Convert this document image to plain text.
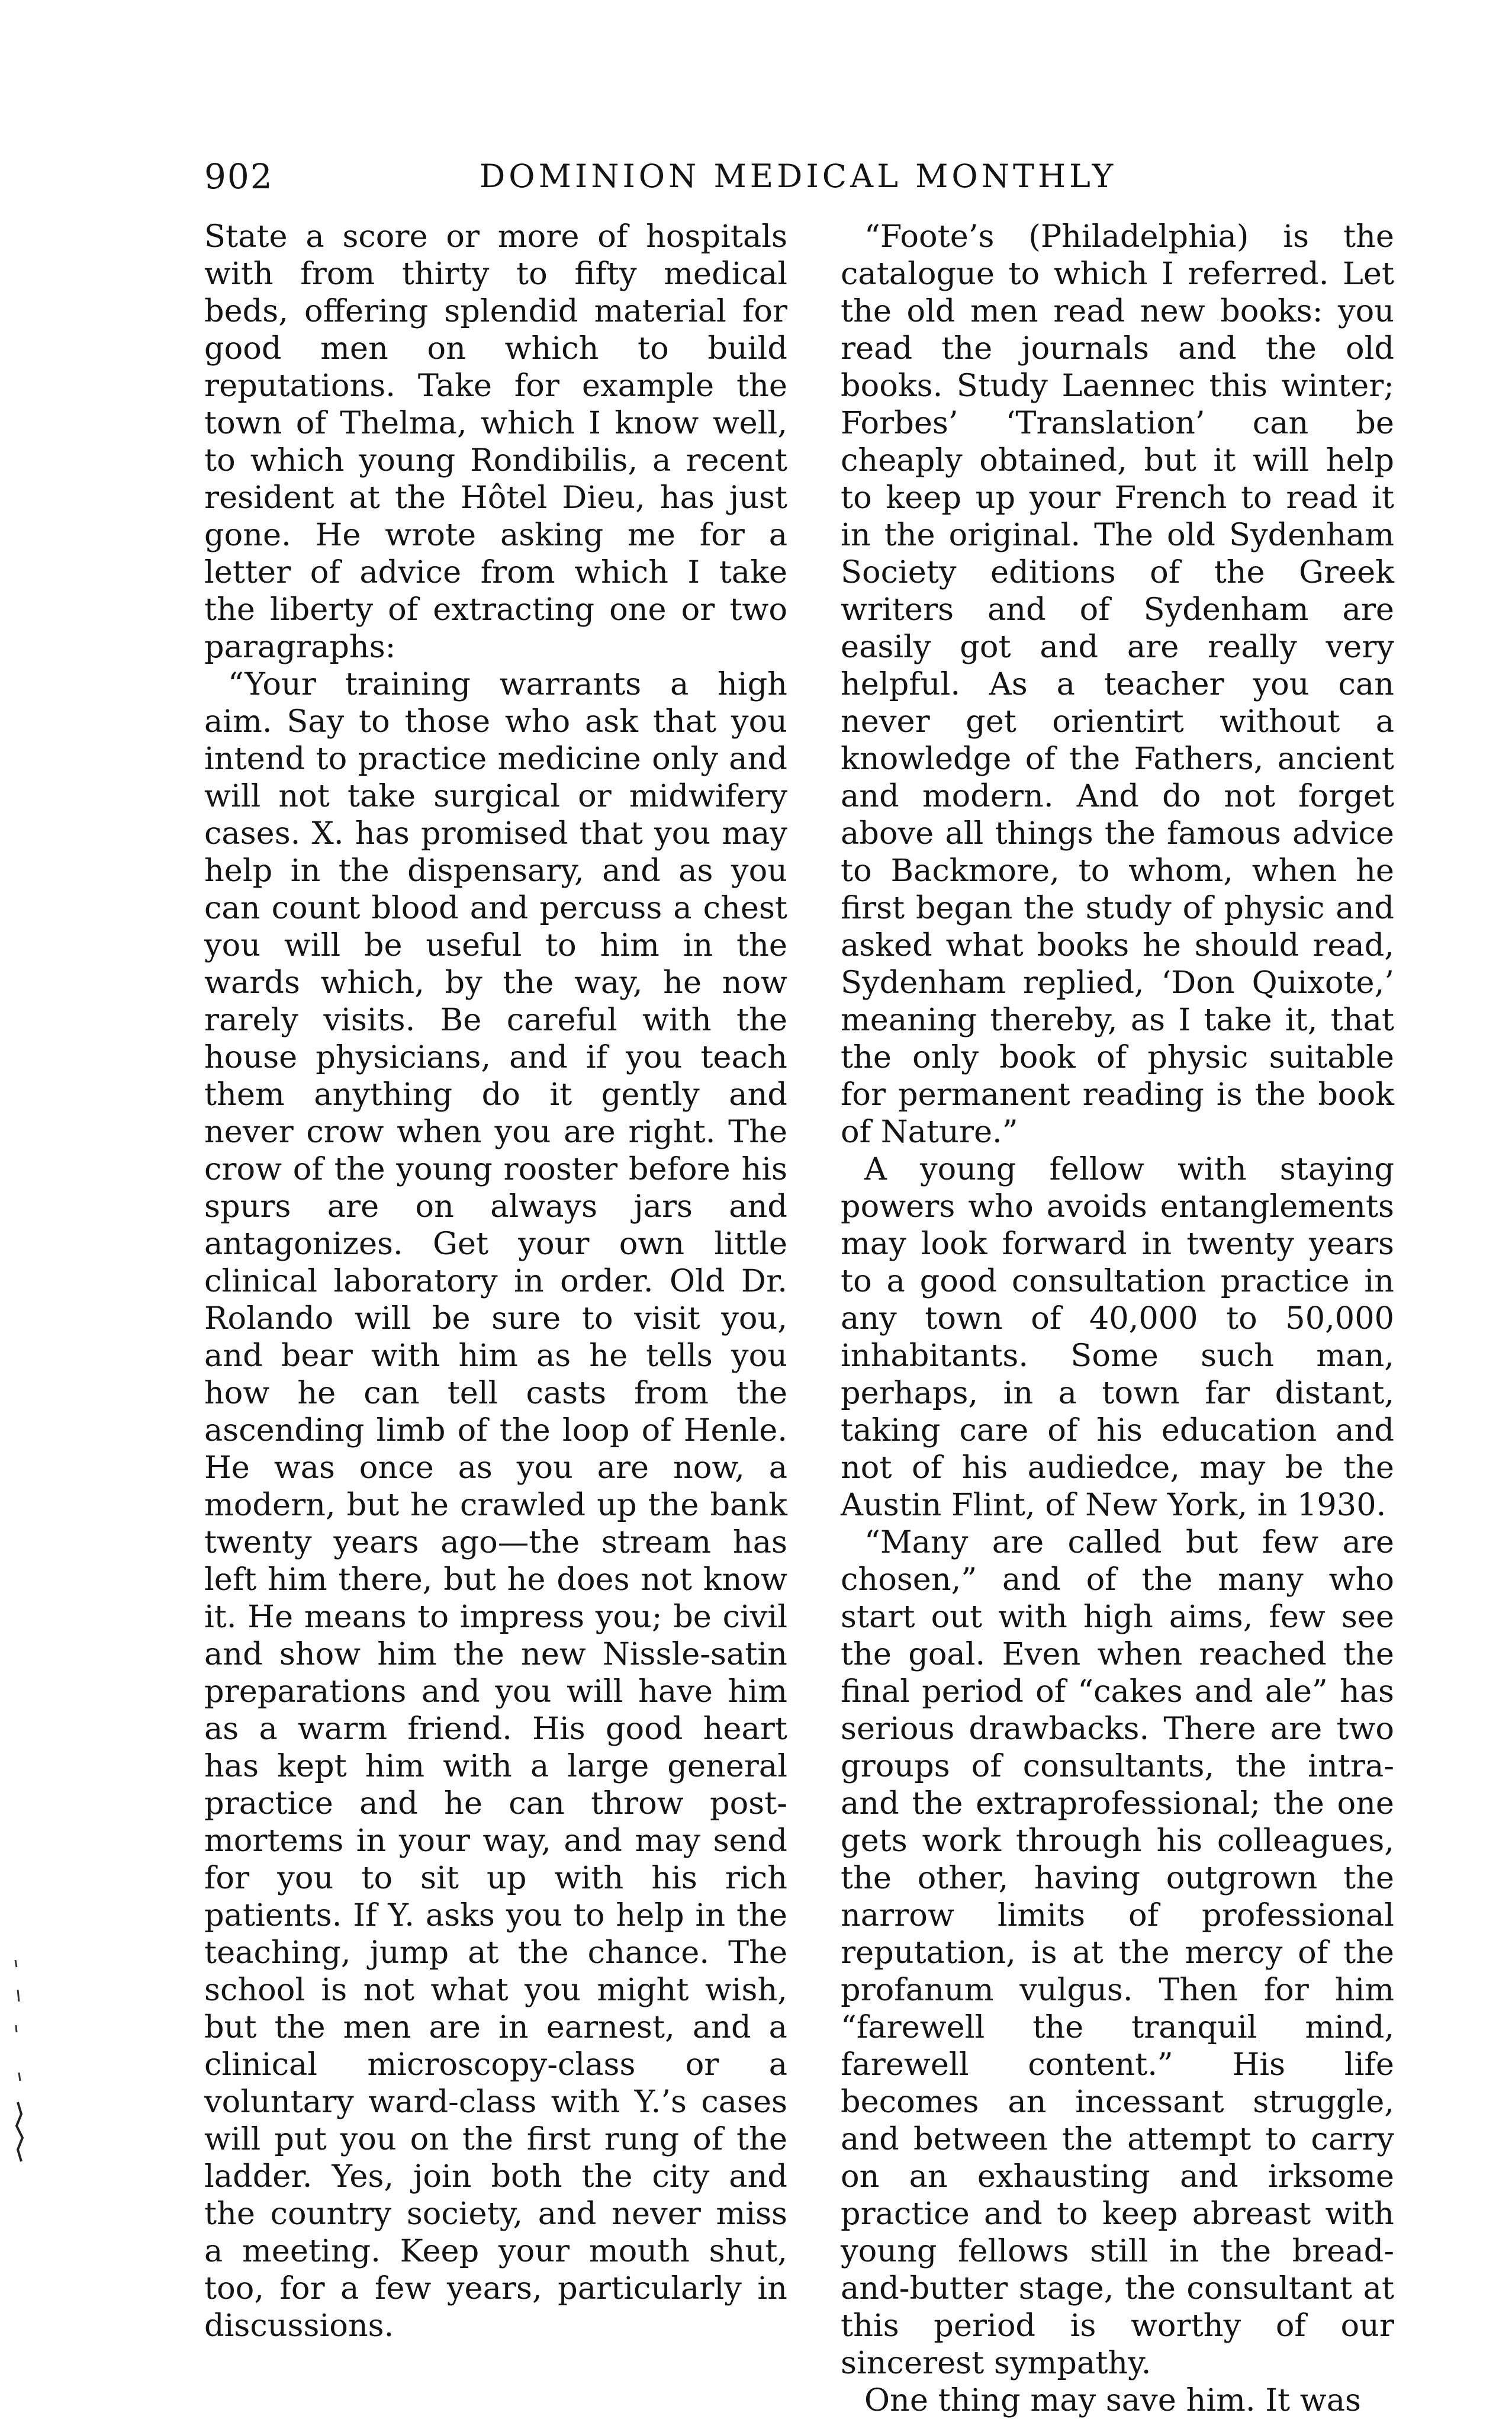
902	DOMINION MEDICAL MONTHLY

State a score or more of hospitals with from thirty to fifty medical beds, offering splendid material for good men on which to build reputations. Take for example the town of Thelma, which I know well, to which young Rondibilis, a recent resident at the Hôtel Dieu, has just gone. He wrote asking me for a letter of advice from which I take the liberty of extracting one or two paragraphs:

“Your training warrants a high aim. Say to those who ask that you intend to practice medicine only and will not take surgical or midwifery cases. X. has promised that you may help in the dispensary, and as you can count blood and percuss a chest you will be useful to him in the wards which, by the way, he now rarely visits. Be careful with the house physicians, and if you teach them anything do it gently and never crow when you are right. The crow of the young rooster before his spurs are on always jars and antagonizes. Get your own little clinical laboratory in order. Old Dr. Rolando will be sure to visit you, and bear with him as he tells you how he can tell casts from the ascending limb of the loop of Henle. He was once as you are now, a modern, but he crawled up the bank twenty years ago—the stream has left him there, but he does not know it. He means to impress you; be civil and show him the new Nissle-satin preparations and you will have him as a warm friend. His good heart has kept him with a large general practice and he can throw post-mortems in your way, and may send for you to sit up with his rich patients. If Y. asks you to help in the teaching, jump at the chance. The school is not what you might wish, but the men are in earnest, and a clinical microscopy-class or a voluntary ward-class with Y.’s cases will put you on the first rung of the ladder. Yes, join both the city and the country society, and never miss a meeting. Keep your mouth shut, too, for a few years, particularly in discussions.

“Foote’s (Philadelphia) is the catalogue to which I referred. Let the old men read new books: you read the journals and the old books. Study Laennec this winter; Forbes’ ‘Translation’ can be cheaply obtained, but it will help to keep up your French to read it in the original. The old Sydenham Society editions of the Greek writers and of Sydenham are easily got and are really very helpful. As a teacher you can never get orientirt without a knowledge of the Fathers, ancient and modern. And do not forget above all things the famous advice to Backmore, to whom, when he first began the study of physic and asked what books he should read, Sydenham replied, ‘Don Quixote,’ meaning thereby, as I take it, that the only book of physic suitable for permanent reading is the book of Nature.”

A young fellow with staying powers who avoids entanglements may look forward in twenty years to a good consultation practice in any town of 40,000 to 50,000 inhabitants. Some such man, perhaps, in a town far distant, taking care of his education and not of his audiedce, may be the Austin Flint, of New York, in 1930.

“Many are called but few are chosen,” and of the many who start out with high aims, few see the goal. Even when reached the final period of “cakes and ale” has serious drawbacks. There are two groups of consultants, the intra- and the extraprofessional; the one gets work through his colleagues, the other, having outgrown the narrow limits of professional reputation, is at the mercy of the profanum vulgus. Then for him “farewell the tranquil mind, farewell content.” His life becomes an incessant struggle, and between the attempt to carry on an exhausting and irksome practice and to keep abreast with young fellows still in the bread-and-butter stage, the consultant at this period is worthy of our sincerest sympathy.

One thing may save him. It was
